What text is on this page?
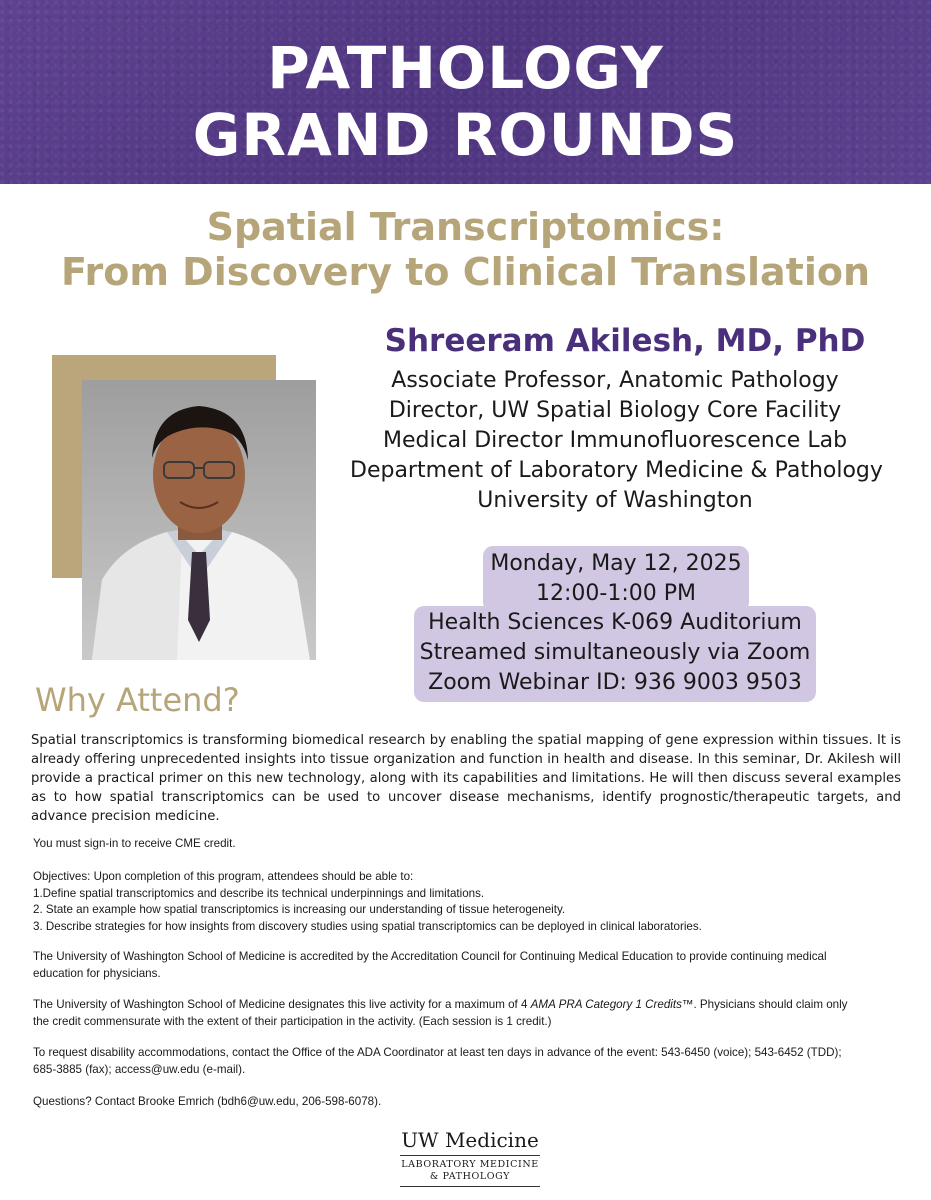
PATHOLOGY
GRAND ROUNDS
Spatial Transcriptomics:
From Discovery to Clinical Translation
Shreeram Akilesh, MD, PhD
Associate Professor, Anatomic Pathology
Director, UW Spatial Biology Core Facility
Medical Director Immunofluorescence Lab
Department of Laboratory Medicine & Pathology
University of Washington
Monday, May 12, 2025
12:00-1:00 PM
Health Sciences K-069 Auditorium
Streamed simultaneously via Zoom
Zoom Webinar ID: 936 9003 9503
Why Attend?
Spatial transcriptomics is transforming biomedical research by enabling the spatial mapping of gene expression within tissues. It is already offering unprecedented insights into tissue organization and function in health and disease. In this seminar, Dr. Akilesh will provide a practical primer on this new technology, along with its capabilities and limitations. He will then discuss several examples as to how spatial transcriptomics can be used to uncover disease mechanisms, identify prognostic/therapeutic targets, and advance precision medicine.
You must sign-in to receive CME credit.
Objectives: Upon completion of this program, attendees should be able to:
1.Define spatial transcriptomics and describe its technical underpinnings and limitations.
2. State an example how spatial transcriptomics is increasing our understanding of tissue heterogeneity.
3. Describe strategies for how insights from discovery studies using spatial transcriptomics can be deployed in clinical laboratories.
The University of Washington School of Medicine is accredited by the Accreditation Council for Continuing Medical Education to provide continuing medical
education for physicians.
The University of Washington School of Medicine designates this live activity for a maximum of 4 AMA PRA Category 1 Credits™. Physicians should claim only
the credit commensurate with the extent of their participation in the activity. (Each session is 1 credit.)
To request disability accommodations, contact the Office of the ADA Coordinator at least ten days in advance of the event: 543-6450 (voice); 543-6452 (TDD);
685-3885 (fax); access@uw.edu (e-mail).
Questions? Contact Brooke Emrich (bdh6@uw.edu, 206-598-6078).
UW Medicine
LABORATORY MEDICINE
& PATHOLOGY
